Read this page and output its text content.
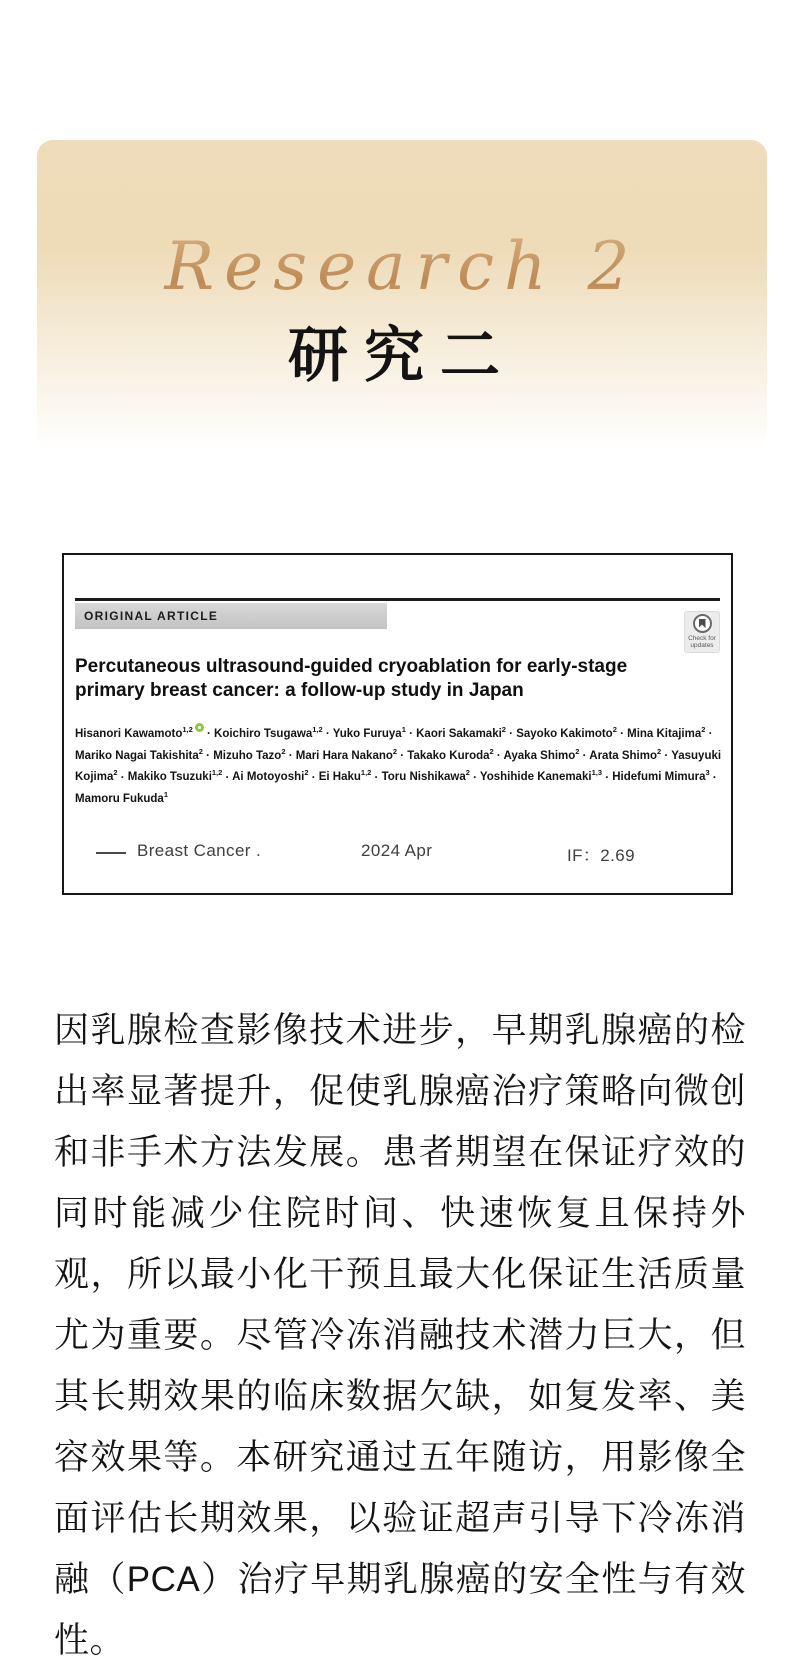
Research 2
研究二
ORIGINAL ARTICLE
Check for
updates
Percutaneous ultrasound-guided cryoablation for early-stage primary breast cancer: a follow-up study in Japan

Hisanori Kawamoto$^{1,2}$ · Koichiro Tsugawa$^{1,2}$ · Yuko Furuya$^1$ · Kaori Sakamaki$^2$ · Sayoko Kakimoto$^2$ · Mina Kitajima$^2$ · Mariko Nagai Takishita$^2$ · Mizuho Tazo$^2$ · Mari Hara Nakano$^2$ · Takako Kuroda$^2$ · Ayaka Shimo$^2$ · Arata Shimo$^2$ · Yasuyuki Kojima$^2$ · Makiko Tsuzuki$^{1,2}$ · Ai Motoyoshi$^2$ · Ei Haku$^{1,2}$ · Toru Nishikawa$^2$ · Yoshihide Kanemaki$^{1,3}$ · Hidefumi Mimura$^3$ · Mamoru Fukuda$^1$

Breast Cancer .	2024 Apr	IF：2.69
因乳腺检查影像技术进步，早期乳腺癌的检出率显著提升，促使乳腺癌治疗策略向微创和非手术方法发展。患者期望在保证疗效的同时能减少住院时间、快速恢复且保持外观，所以最小化干预且最大化保证生活质量尤为重要。尽管冷冻消融技术潜力巨大，但其长期效果的临床数据欠缺，如复发率、美容效果等。本研究通过五年随访，用影像全面评估长期效果，以验证超声引导下冷冻消融（PCA）治疗早期乳腺癌的安全性与有效性。
